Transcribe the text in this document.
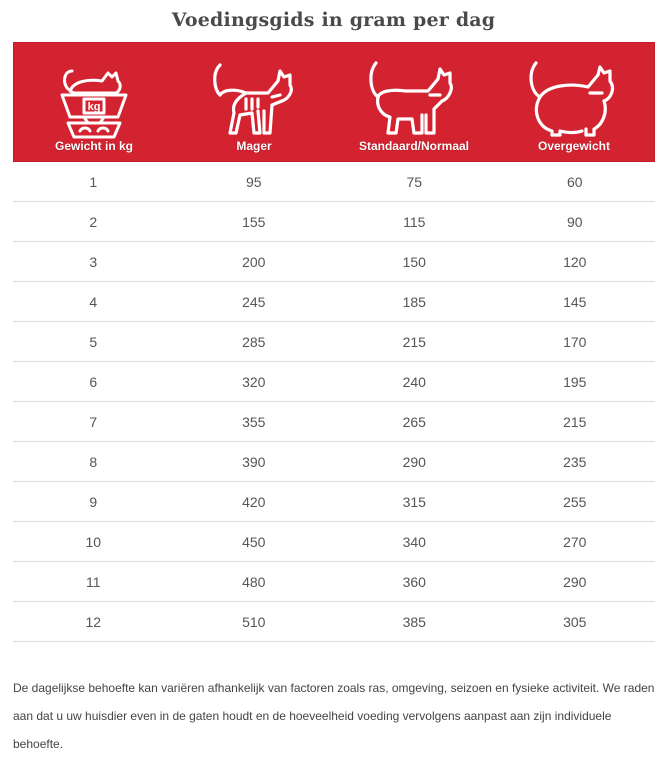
Voedingsgids in gram per dag
kg
Gewicht in kg	Mager	Standaard/Normaal	Overgewicht
1	95	75	60
2	155	115	90
3	200	150	120
4	245	185	145
5	285	215	170
6	320	240	195
7	355	265	215
8	390	290	235
9	420	315	255
10	450	340	270
11	480	360	290
12	510	385	305
De dagelijkse behoefte kan variëren afhankelijk van factoren zoals ras, omgeving, seizoen en fysieke activiteit. We raden aan dat u uw huisdier even in de gaten houdt en de hoeveelheid voeding vervolgens aanpast aan zijn individuele behoefte.
